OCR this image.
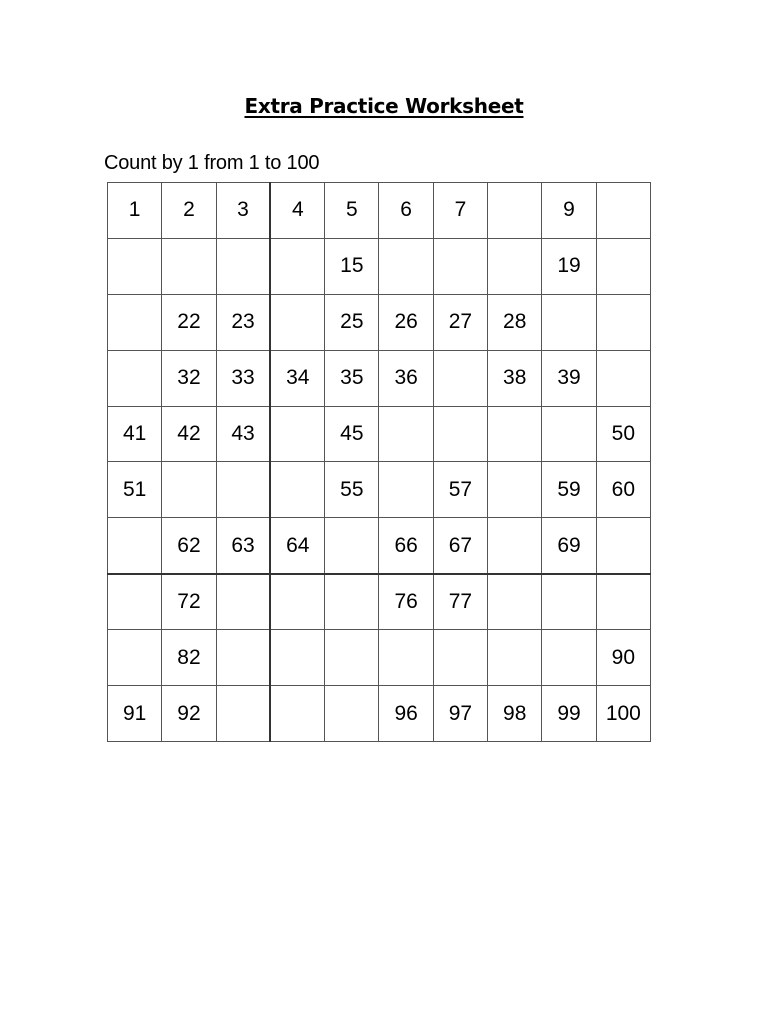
Extra Practice Worksheet
Count by 1 from 1 to 100
1	2	3	4	5	6	7		9	
				15				19	
	22	23		25	26	27	28		
	32	33	34	35	36		38	39	
41	42	43		45					50
51				55		57		59	60
	62	63	64		66	67		69	
	72				76	77			
	82								90
91	92				96	97	98	99	100
